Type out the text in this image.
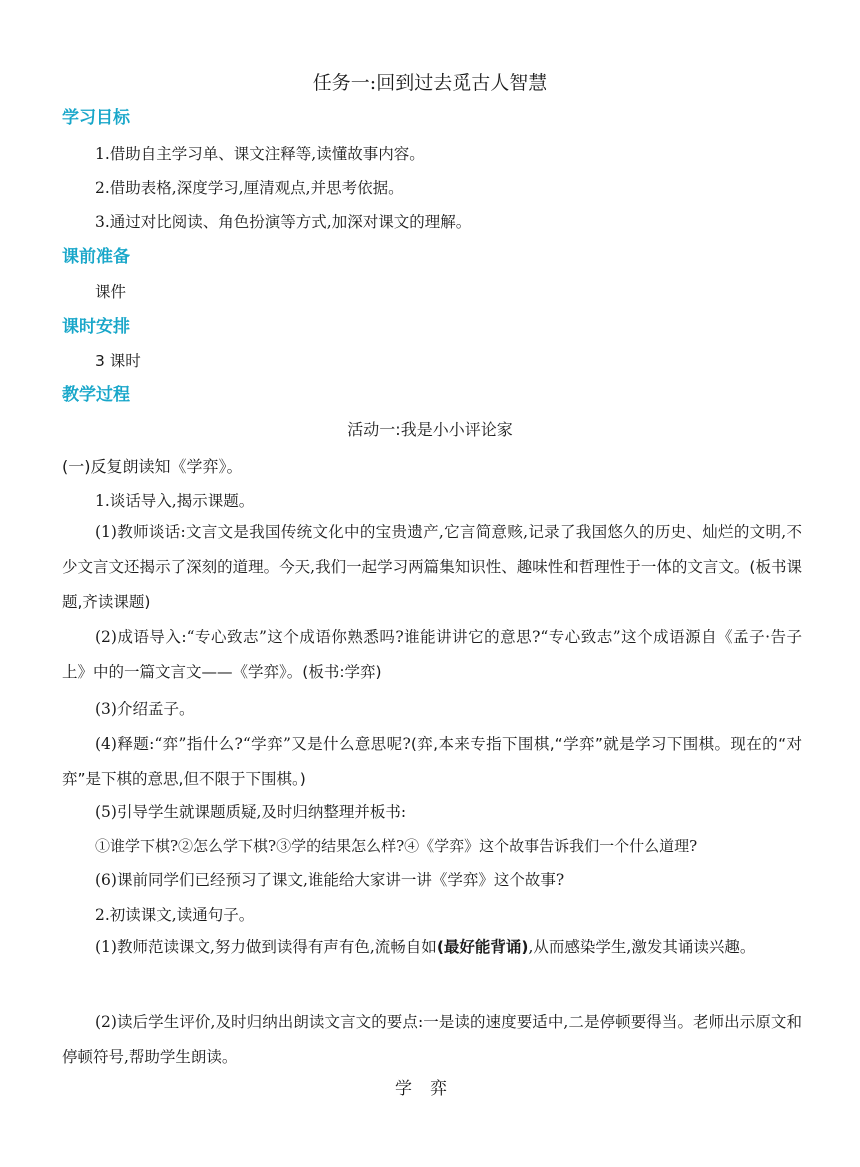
任务一:回到过去觅古人智慧
学习目标
1.借助自主学习单、课文注释等,读懂故事内容。
2.借助表格,深度学习,厘清观点,并思考依据。
3.通过对比阅读、角色扮演等方式,加深对课文的理解。
课前准备
课件
课时安排
3 课时
教学过程
活动一:我是小小评论家
(一)反复朗读知《学弈》。
1.谈话导入,揭示课题。
(1)教师谈话:文言文是我国传统文化中的宝贵遗产,它言简意赅,记录了我国悠久的历史、灿烂的文明,不少文言文还揭示了深刻的道理。今天,我们一起学习两篇集知识性、趣味性和哲理性于一体的文言文。(板书课题,齐读课题)
(2)成语导入:“专心致志”这个成语你熟悉吗?谁能讲讲它的意思?“专心致志”这个成语源自《孟子·告子上》中的一篇文言文——《学弈》。(板书:学弈)
(3)介绍孟子。
(4)释题:“弈”指什么?“学弈”又是什么意思呢?(弈,本来专指下围棋,“学弈”就是学习下围棋。现在的“对弈”是下棋的意思,但不限于下围棋。)
(5)引导学生就课题质疑,及时归纳整理并板书:
①谁学下棋?②怎么学下棋?③学的结果怎么样?④《学弈》这个故事告诉我们一个什么道理?
(6)课前同学们已经预习了课文,谁能给大家讲一讲《学弈》这个故事?
2.初读课文,读通句子。
(1)教师范读课文,努力做到读得有声有色,流畅自如(最好能背诵),从而感染学生,激发其诵读兴趣。
(2)读后学生评价,及时归纳出朗读文言文的要点:一是读的速度要适中,二是停顿要得当。老师出示原文和停顿符号,帮助学生朗读。
学弈
